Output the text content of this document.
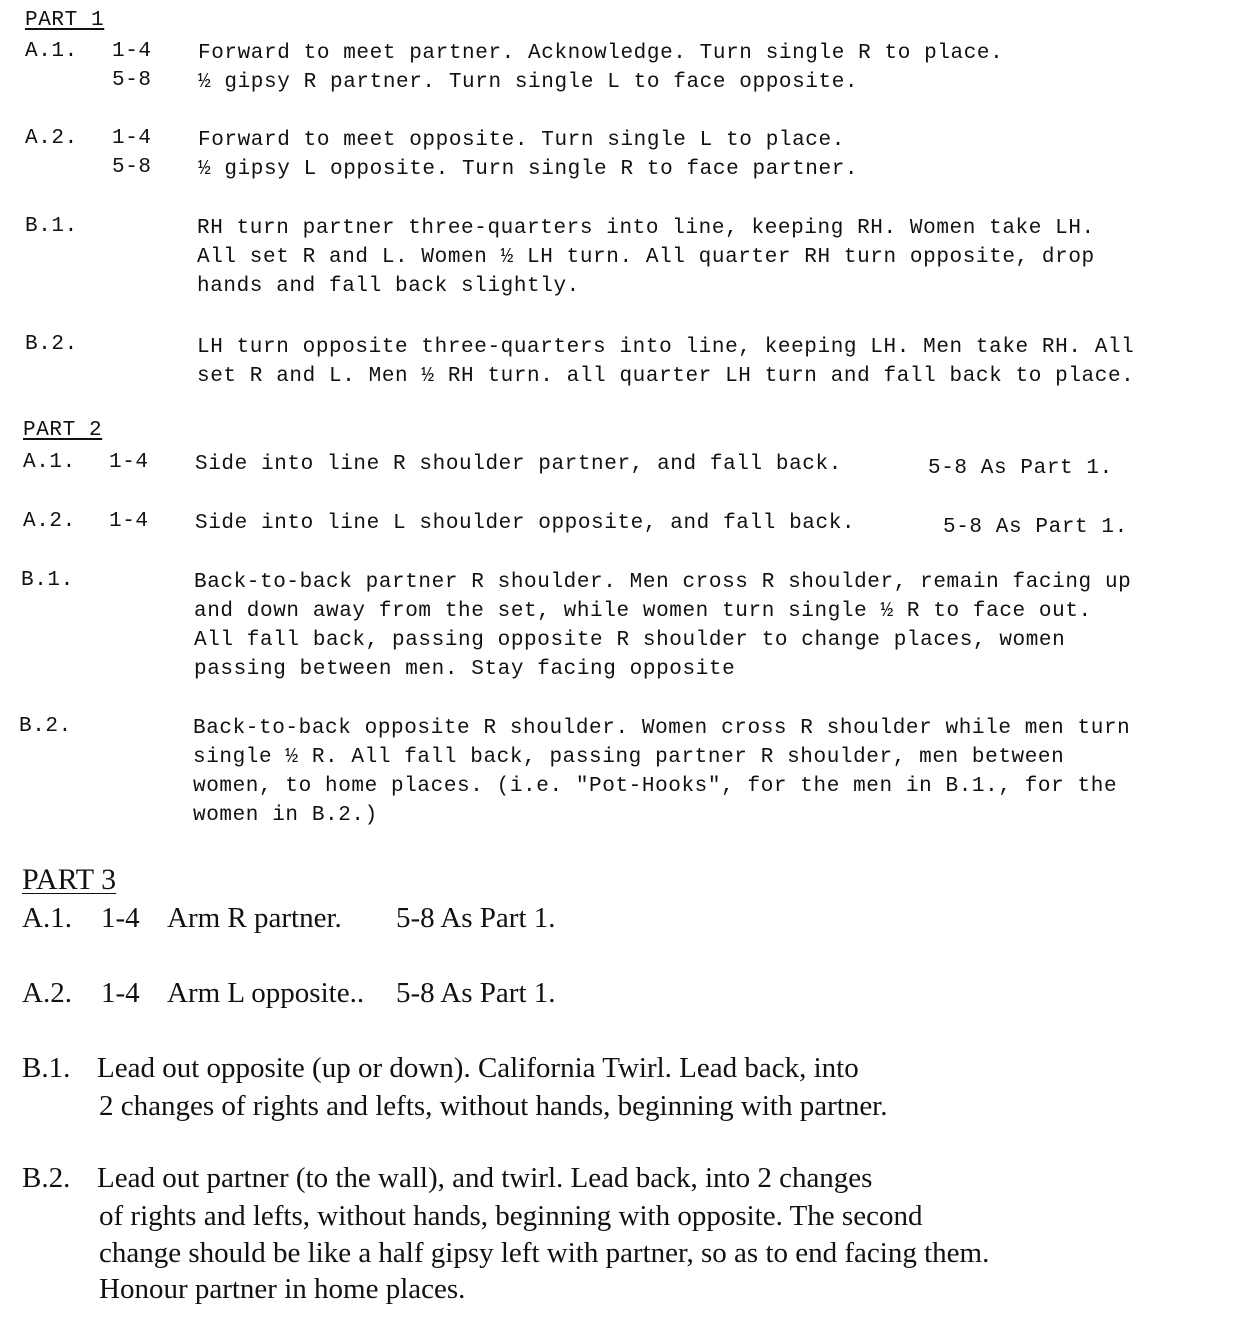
PART 1
A.1. 1-4 Forward to meet partner. Acknowledge. Turn single R to place.
5-8 ½ gipsy R partner. Turn single L to face opposite.
A.2. 1-4 Forward to meet opposite. Turn single L to place.
5-8 ½ gipsy L opposite. Turn single R to face partner.
B.1.	RH turn partner three-quarters into line, keeping RH. Women take LH.
All set R and L. Women ½ LH turn. All quarter RH turn opposite, drop
hands and fall back slightly.
B.2.	LH turn opposite three-quarters into line, keeping LH. Men take RH. All
set R and L. Men ½ RH turn. all quarter LH turn and fall back to place.
PART 2
A.1. 1-4 Side into line R shoulder partner, and fall back.	5-8 As Part 1.
A.2. 1-4 Side into line L shoulder opposite, and fall back.	5-8 As Part 1.
B.1.	Back-to-back partner R shoulder. Men cross R shoulder, remain facing up
and down away from the set, while women turn single ½ R to face out.
All fall back, passing opposite R shoulder to change places, women
passing between men. Stay facing opposite
B.2.	Back-to-back opposite R shoulder. Women cross R shoulder while men turn
single ½ R. All fall back, passing partner R shoulder, men between
women, to home places. (i.e. "Pot-Hooks", for the men in B.1., for the
women in B.2.)
PART 3
A.1. 1-4 Arm R partner. 5-8 As Part 1.
A.2. 1-4 Arm L opposite.. 5-8 As Part 1.
B.1. Lead out opposite (up or down). California Twirl. Lead back, into
2 changes of rights and lefts, without hands, beginning with partner.
B.2. Lead out partner (to the wall), and twirl. Lead back, into 2 changes
of rights and lefts, without hands, beginning with opposite. The second
change should be like a half gipsy left with partner, so as to end facing them.
Honour partner in home places.
